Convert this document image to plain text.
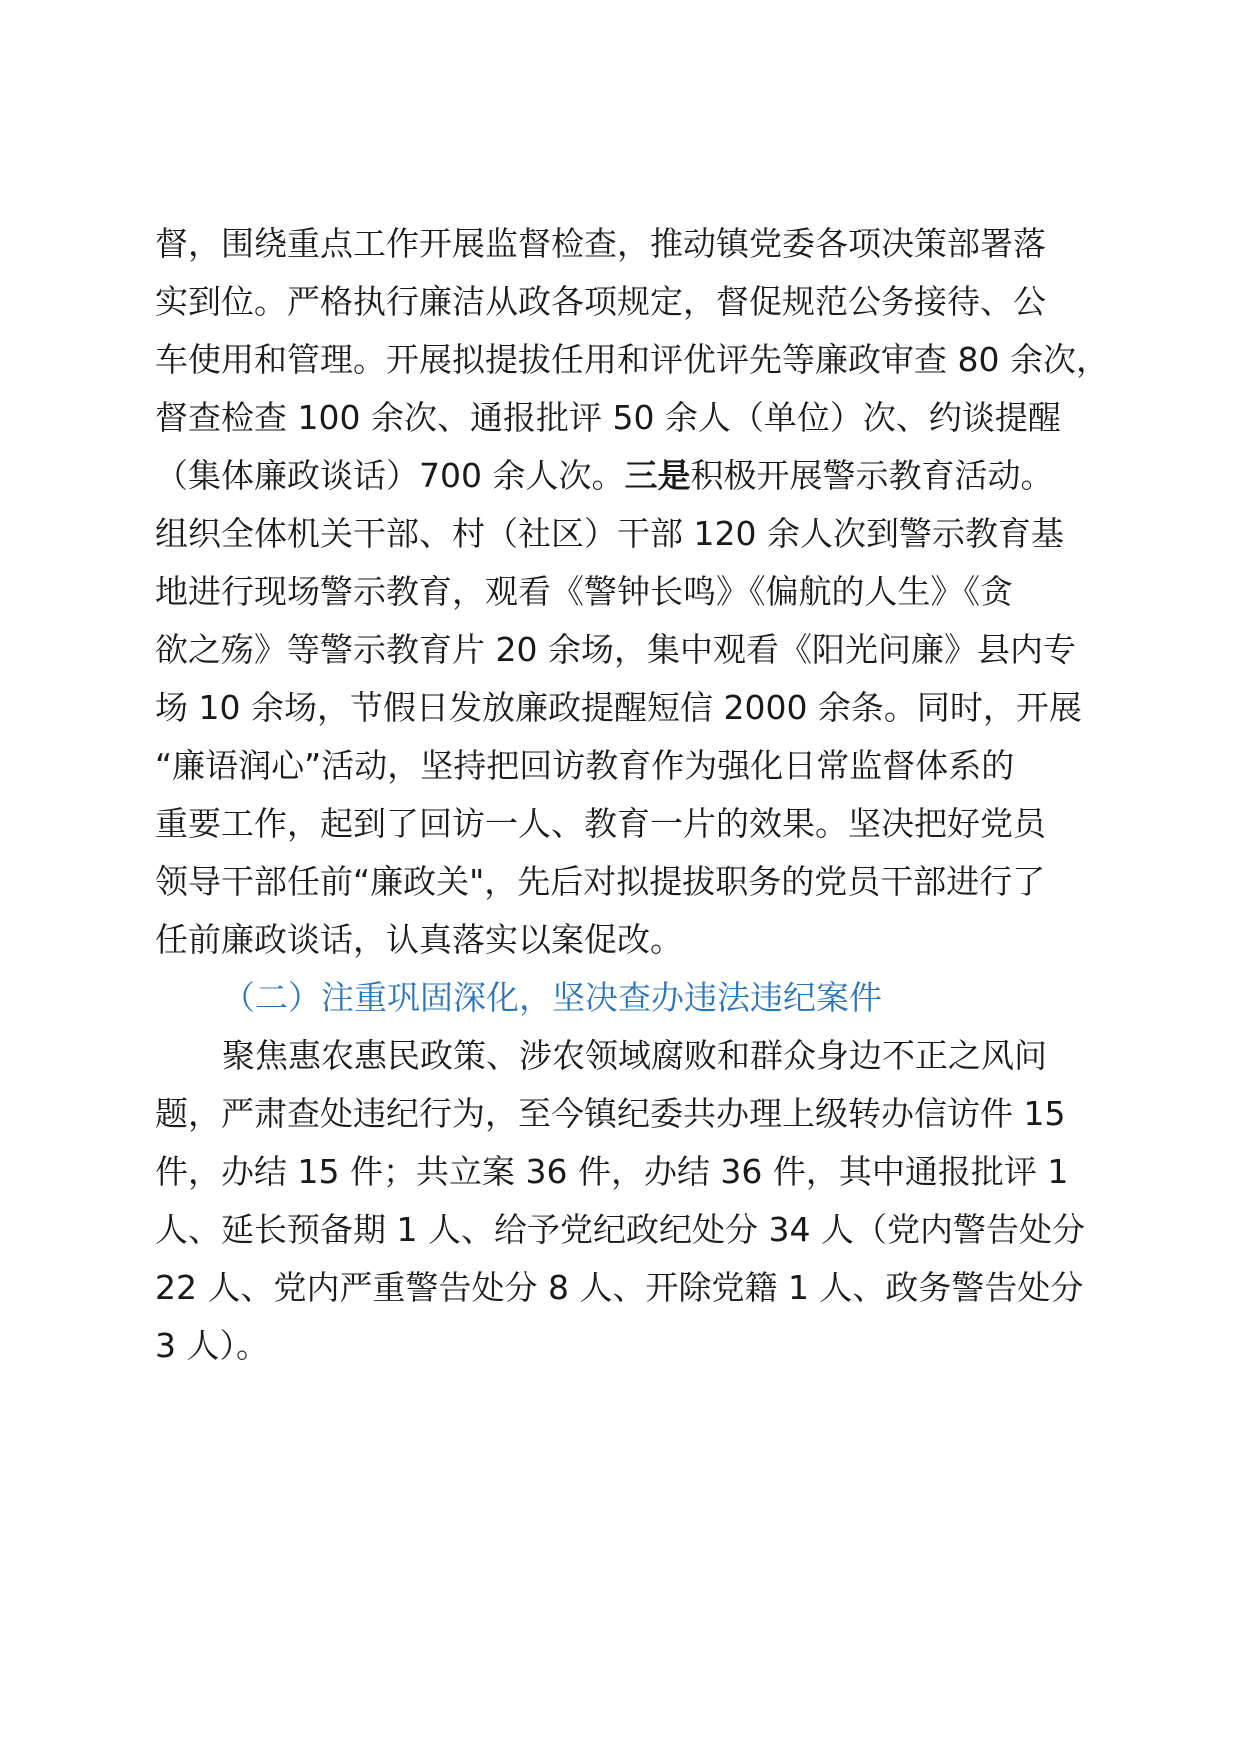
督，围绕重点工作开展监督检查，推动镇党委各项决策部署落
实到位。严格执行廉洁从政各项规定，督促规范公务接待、公
车使用和管理。开展拟提拔任用和评优评先等廉政审查 80 余次，
督查检查 100 余次、通报批评 50 余人（单位）次、约谈提醒
（集体廉政谈话）700 余人次。三是积极开展警示教育活动。
组织全体机关干部、村（社区）干部 120 余人次到警示教育基
地进行现场警示教育，观看《警钟长鸣》《偏航的人生》《贪
欲之殇》等警示教育片 20 余场，集中观看《阳光问廉》县内专
场 10 余场，节假日发放廉政提醒短信 2000 余条。同时，开展
“廉语润心”活动，坚持把回访教育作为强化日常监督体系的
重要工作，起到了回访一人、教育一片的效果。坚决把好党员
领导干部任前“廉政关"，先后对拟提拔职务的党员干部进行了
任前廉政谈话，认真落实以案促改。
（二）注重巩固深化，坚决查办违法违纪案件
聚焦惠农惠民政策、涉农领域腐败和群众身边不正之风问
题，严肃查处违纪行为，至今镇纪委共办理上级转办信访件 15
件，办结 15 件；共立案 36 件，办结 36 件，其中通报批评 1
人、延长预备期 1 人、给予党纪政纪处分 34 人（党内警告处分
22 人、党内严重警告处分 8 人、开除党籍 1 人、政务警告处分
3 人）。
